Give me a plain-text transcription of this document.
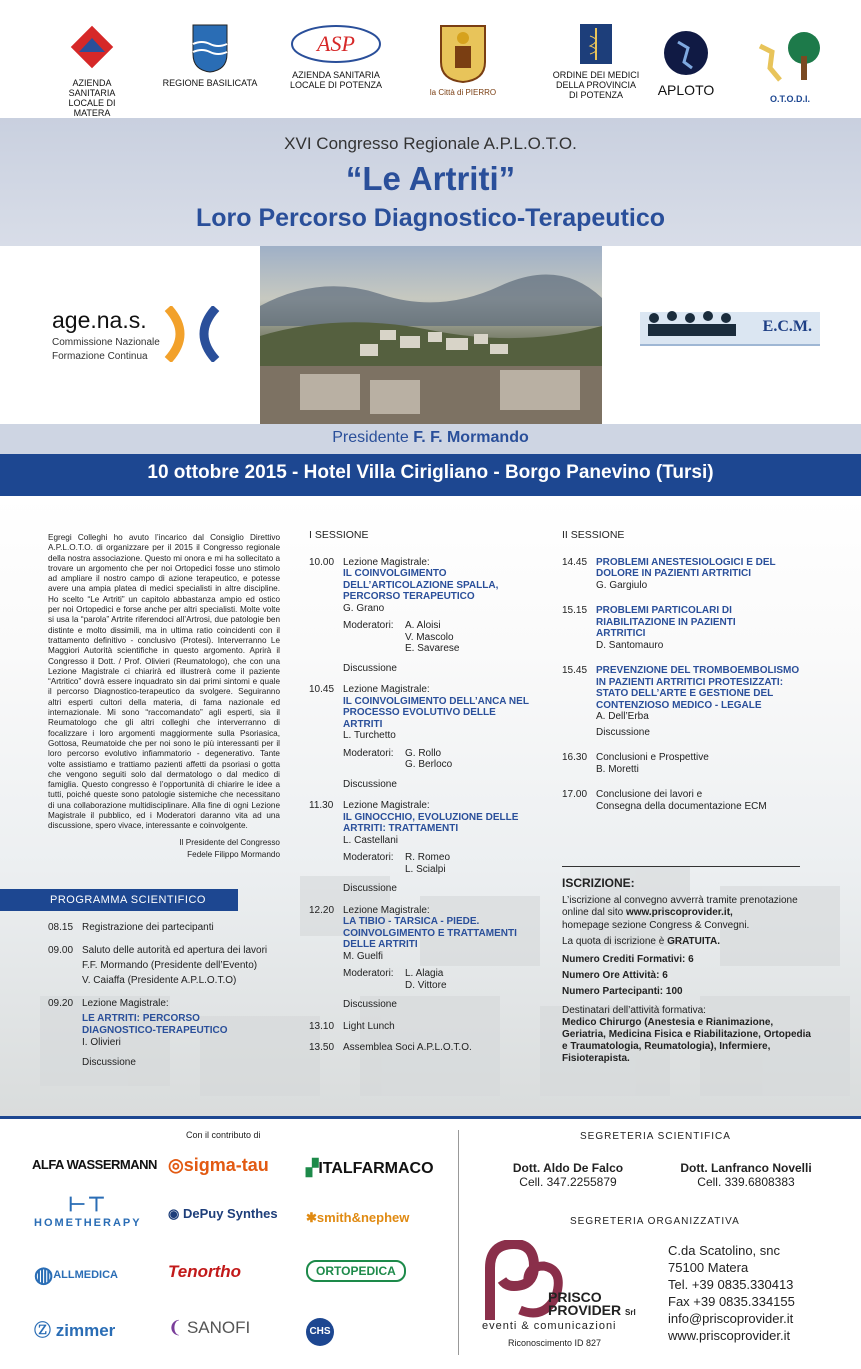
AZIENDA SANITARIA
LOCALE DI MATERA
REGIONE BASILICATA
ASP
AZIENDA SANITARIA
LOCALE DI POTENZA
la Città di PIERRO
ORDINE DEI MEDICI
DELLA PROVINCIA
DI POTENZA	APLOTO
O.T.O.D.I.
XVI Congresso Regionale A.P.L.O.T.O.
“Le Artriti”
Loro Percorso Diagnostico-Terapeutico
age.na.s.
Commissione Nazionale
Formazione Continua
E.C.M.
Presidente F. F. Mormando
10 ottobre 2015 - Hotel Villa Cirigliano - Borgo Panevino (Tursi)
Egregi Colleghi ho avuto l’incarico dal Consiglio Direttivo A.P.L.O.T.O. di organizzare per il 2015 il Congresso regionale della nostra associazione. Questo mi onora e mi ha sollecitato a trovare un argomento che per noi Ortopedici fosse uno stimolo ad ampliare il nostro campo di azione terapeutico, e potesse avere una ampia platea di medici specialisti in altre discipline. Ho scelto “Le Artriti” un capitolo abbastanza ampio ed ostico per noi Ortopedici e forse anche per altri specialisti. Molte volte si usa la “parola” Artrite riferendoci all’Artrosi, due patologie ben distinte e molto dissimili, ma in ultima ratio coincidenti con il trattamento definitivo - conclusivo (Protesi). Interverranno Le Maggiori Autorità scientifiche in questo argomento. Aprirà il Congresso il Dott. / Prof. Olivieri (Reumatologo), che con una Lezione Magistrale ci chiarirà ed illustrerà come il paziente “Artritico” dovrà essere inquadrato sin dai primi sintomi e quale il percorso Diagnostico-terapeutico da svolgere. Seguiranno altri esperti cultori della materia, di fama nazionale ed internazionale. Mi sono “raccomandato” agli esperti, sia il Reumatologo che gli altri colleghi che interverranno di focalizzare i loro argomenti maggiormente sulla Psoriasica, Gottosa, Reumatoide che per noi sono le più interessanti per il loro percorso evolutivo infiammatorio - degenerativo. Tante volte assistiamo e trattiamo pazienti affetti da psoriasi o gotta che vengono seguiti solo dal dermatologo o dal medico di famiglia. Questo congresso è l’opportunità di chiarire le idee a tutti, poiché queste sono patologie sistemiche che necessitano di una collaborazione multidisciplinare. Alla fine di ogni Lezione Magistrale il pubblico, ed i Moderatori daranno vita ad una discussione, spero vivace, interessante e coinvolgente.
Il Presidente del Congresso
Fedele Filippo Mormando
PROGRAMMA SCIENTIFICO
08.15 Registrazione dei partecipanti
09.00 Saluto delle autorità ed apertura dei lavori
F.F. Mormando (Presidente dell’Evento)
V. Caiaffa (Presidente A.P.L.O.T.O)
09.20 Lezione Magistrale:
LE ARTRITI: PERCORSO DIAGNOSTICO-TERAPEUTICO
I. Olivieri
Discussione
I SESSIONE
10.00 Lezione Magistrale:
IL COINVOLGIMENTO DELL’ARTICOLAZIONE SPALLA, PERCORSO TERAPEUTICO
G. Grano
Moderatori:	A. Aloisi
V. Mascolo
E. Savarese
Discussione
10.45 Lezione Magistrale:
IL COINVOLGIMENTO DELL’ANCA NEL PROCESSO EVOLUTIVO DELLE ARTRITI
L. Turchetto
Moderatori:	G. Rollo
G. Berloco
Discussione
11.30 Lezione Magistrale:
IL GINOCCHIO, EVOLUZIONE DELLE ARTRITI: TRATTAMENTI
L. Castellani
Moderatori:	R. Romeo
L. Scialpi
Discussione
12.20 Lezione Magistrale:
LA TIBIO - TARSICA - PIEDE. COINVOLGIMENTO E TRATTAMENTI DELLE ARTRITI
M. Guelfi
Moderatori:	L. Alagia
D. Vittore
Discussione
13.10 Light Lunch
13.50 Assemblea Soci A.P.L.O.T.O.
II SESSIONE
14.45 PROBLEMI ANESTESIOLOGICI E DEL DOLORE IN PAZIENTI ARTRITICI
G. Gargiulo
15.15 PROBLEMI PARTICOLARI DI RIABILITAZIONE IN PAZIENTI ARTRITICI
D. Santomauro
15.45 PREVENZIONE DEL TROMBOEMBOLISMO IN PAZIENTI ARTRITICI PROTESIZZATI: STATO DELL’ARTE E GESTIONE DEL CONTENZIOSO MEDICO - LEGALE
A. Dell’Erba
Discussione
16.30 Conclusioni e Prospettive
B. Moretti
17.00 Conclusione dei lavori e
Consegna della documentazione ECM
ISCRIZIONE:

L’iscrizione al convegno avverrà tramite prenotazione online dal sito www.priscoprovider.it,
homepage sezione Congress & Convegni.

La quota di iscrizione è GRATUITA.

Numero Crediti Formativi: 6

Numero Ore Attività: 6

Numero Partecipanti: 100

Destinatari dell’attività formativa:

Medico Chirurgo (Anestesia e Rianimazione, Geriatria, Medicina Fisica e Riabilitazione, Ortopedia e Traumatologia, Reumatologia), Infermiere, Fisioterapista.

Con il contributo di
ALFA WASSERMANN ◎sigma-tau ▞ITALFARMACO
⊢⊤
HOMETHERAPY
◉ DePuy Synthes ✱smith&nephew
◍ALLMEDICA	Tenortho	ORTOPEDICA
Ⓩ zimmer	❨ SANOFI	CHS
SEGRETERIA SCIENTIFICA
Dott. Aldo De Falco
Cell. 347.2255879
Dott. Lanfranco Novelli
Cell. 339.6808383
SEGRETERIA ORGANIZZATIVA
PRISCO
PROVIDER Srl
eventi & comunicazioni
Riconoscimento ID 827
C.da Scatolino, snc
75100 Matera
Tel. +39 0835.330413
Fax +39 0835.334155
info@priscoprovider.it
www.priscoprovider.it
